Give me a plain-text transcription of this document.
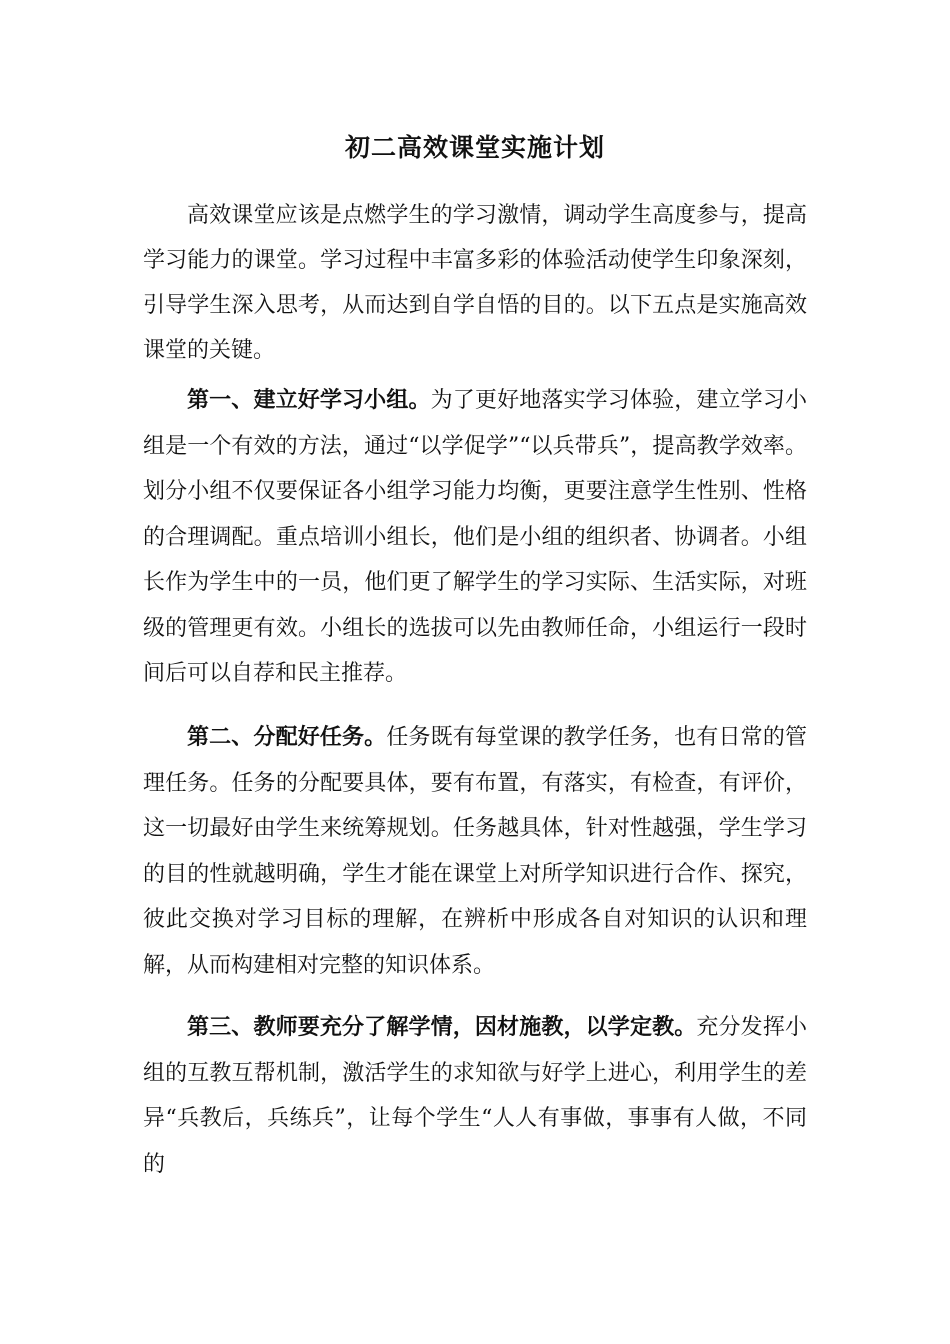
初二高效课堂实施计划

高效课堂应该是点燃学生的学习激情，调动学生高度参与，提高学习能力的课堂。学习过程中丰富多彩的体验活动使学生印象深刻，引导学生深入思考，从而达到自学自悟的目的。以下五点是实施高效课堂的关键。

第一、建立好学习小组。为了更好地落实学习体验，建立学习小组是一个有效的方法，通过“以学促学”“以兵带兵”，提高教学效率。划分小组不仅要保证各小组学习能力均衡，更要注意学生性别、性格的合理调配。重点培训小组长，他们是小组的组织者、协调者。小组长作为学生中的一员，他们更了解学生的学习实际、生活实际，对班级的管理更有效。小组长的选拔可以先由教师任命，小组运行一段时间后可以自荐和民主推荐。

第二、分配好任务。任务既有每堂课的教学任务，也有日常的管理任务。任务的分配要具体，要有布置，有落实，有检查，有评价，这一切最好由学生来统筹规划。任务越具体，针对性越强，学生学习的目的性就越明确，学生才能在课堂上对所学知识进行合作、探究，彼此交换对学习目标的理解，在辨析中形成各自对知识的认识和理解，从而构建相对完整的知识体系。

第三、教师要充分了解学情，因材施教，以学定教。充分发挥小组的互教互帮机制，激活学生的求知欲与好学上进心，利用学生的差异“兵教后，兵练兵”，让每个学生“人人有事做，事事有人做，不同的
